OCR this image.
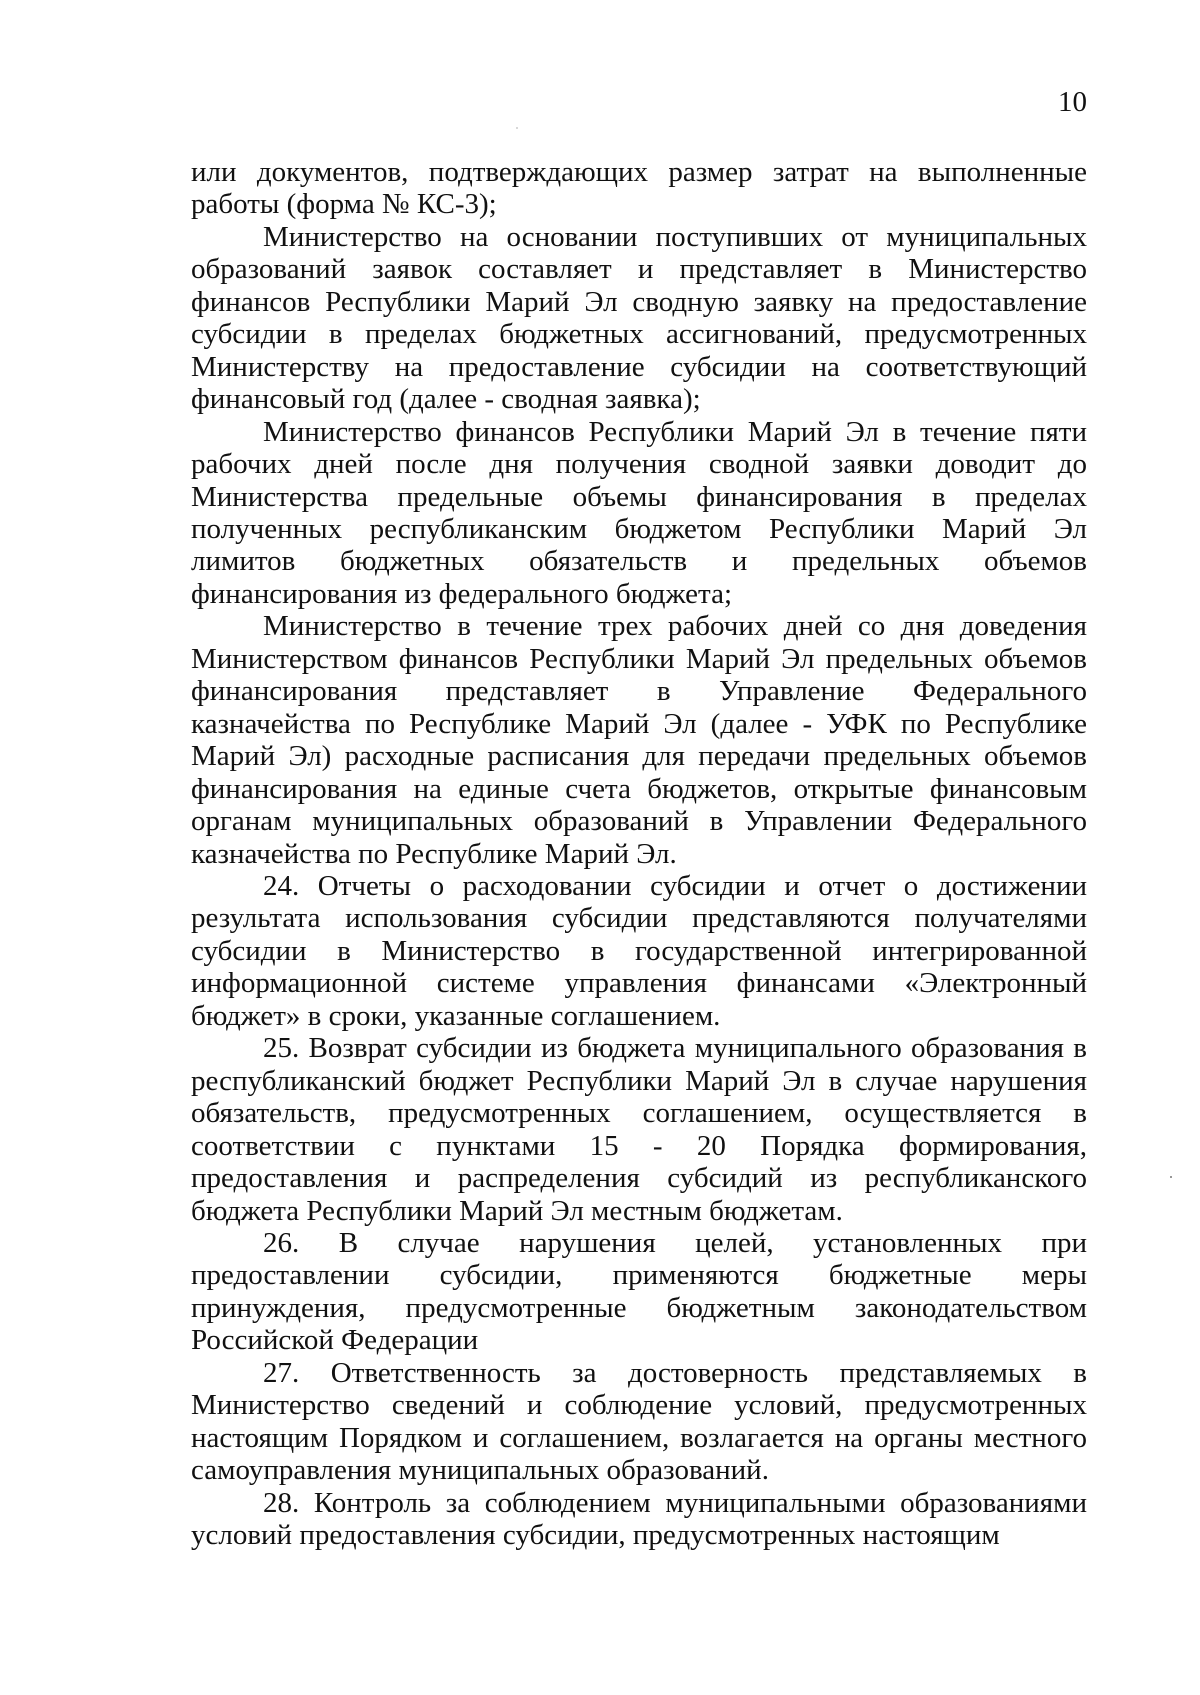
10

или документов, подтверждающих размер затрат на выполненные работы (форма № КС-3);

Министерство на основании поступивших от муниципальных образований заявок составляет и представляет в Министерство финансов Республики Марий Эл сводную заявку на предоставление субсидии в пределах бюджетных ассигнований, предусмотренных Министерству на предоставление субсидии на соответствующий финансовый год (далее - сводная заявка);

Министерство финансов Республики Марий Эл в течение пяти рабочих дней после дня получения сводной заявки доводит до Министерства предельные объемы финансирования в пределах полученных республиканским бюджетом Республики Марий Эл лимитов бюджетных обязательств и предельных объемов финансирования из федерального бюджета;

Министерство в течение трех рабочих дней со дня доведения Министерством финансов Республики Марий Эл предельных объемов финансирования представляет в Управление Федерального казначейства по Республике Марий Эл (далее - УФК по Республике Марий Эл) расходные расписания для передачи предельных объемов финансирования на единые счета бюджетов, открытые финансовым органам муниципальных образований в Управлении Федерального казначейства по Республике Марий Эл.

24. Отчеты о расходовании субсидии и отчет о достижении результата использования субсидии представляются получателями субсидии в Министерство в государственной интегрированной информационной системе управления финансами «Электронный бюджет» в сроки, указанные соглашением.

25. Возврат субсидии из бюджета муниципального образования в республиканский бюджет Республики Марий Эл в случае нарушения обязательств, предусмотренных соглашением, осуществляется в соответствии с пунктами 15 - 20 Порядка формирования, предоставления и распределения субсидий из республиканского бюджета Республики Марий Эл местным бюджетам.

26. В случае нарушения целей, установленных при предоставлении субсидии, применяются бюджетные меры принуждения, предусмотренные бюджетным законодательством Российской Федерации

27. Ответственность за достоверность представляемых в Министерство сведений и соблюдение условий, предусмотренных настоящим Порядком и соглашением, возлагается на органы местного самоуправления муниципальных образований.

28. Контроль за соблюдением муниципальными образованиями условий предоставления субсидии, предусмотренных настоящим
